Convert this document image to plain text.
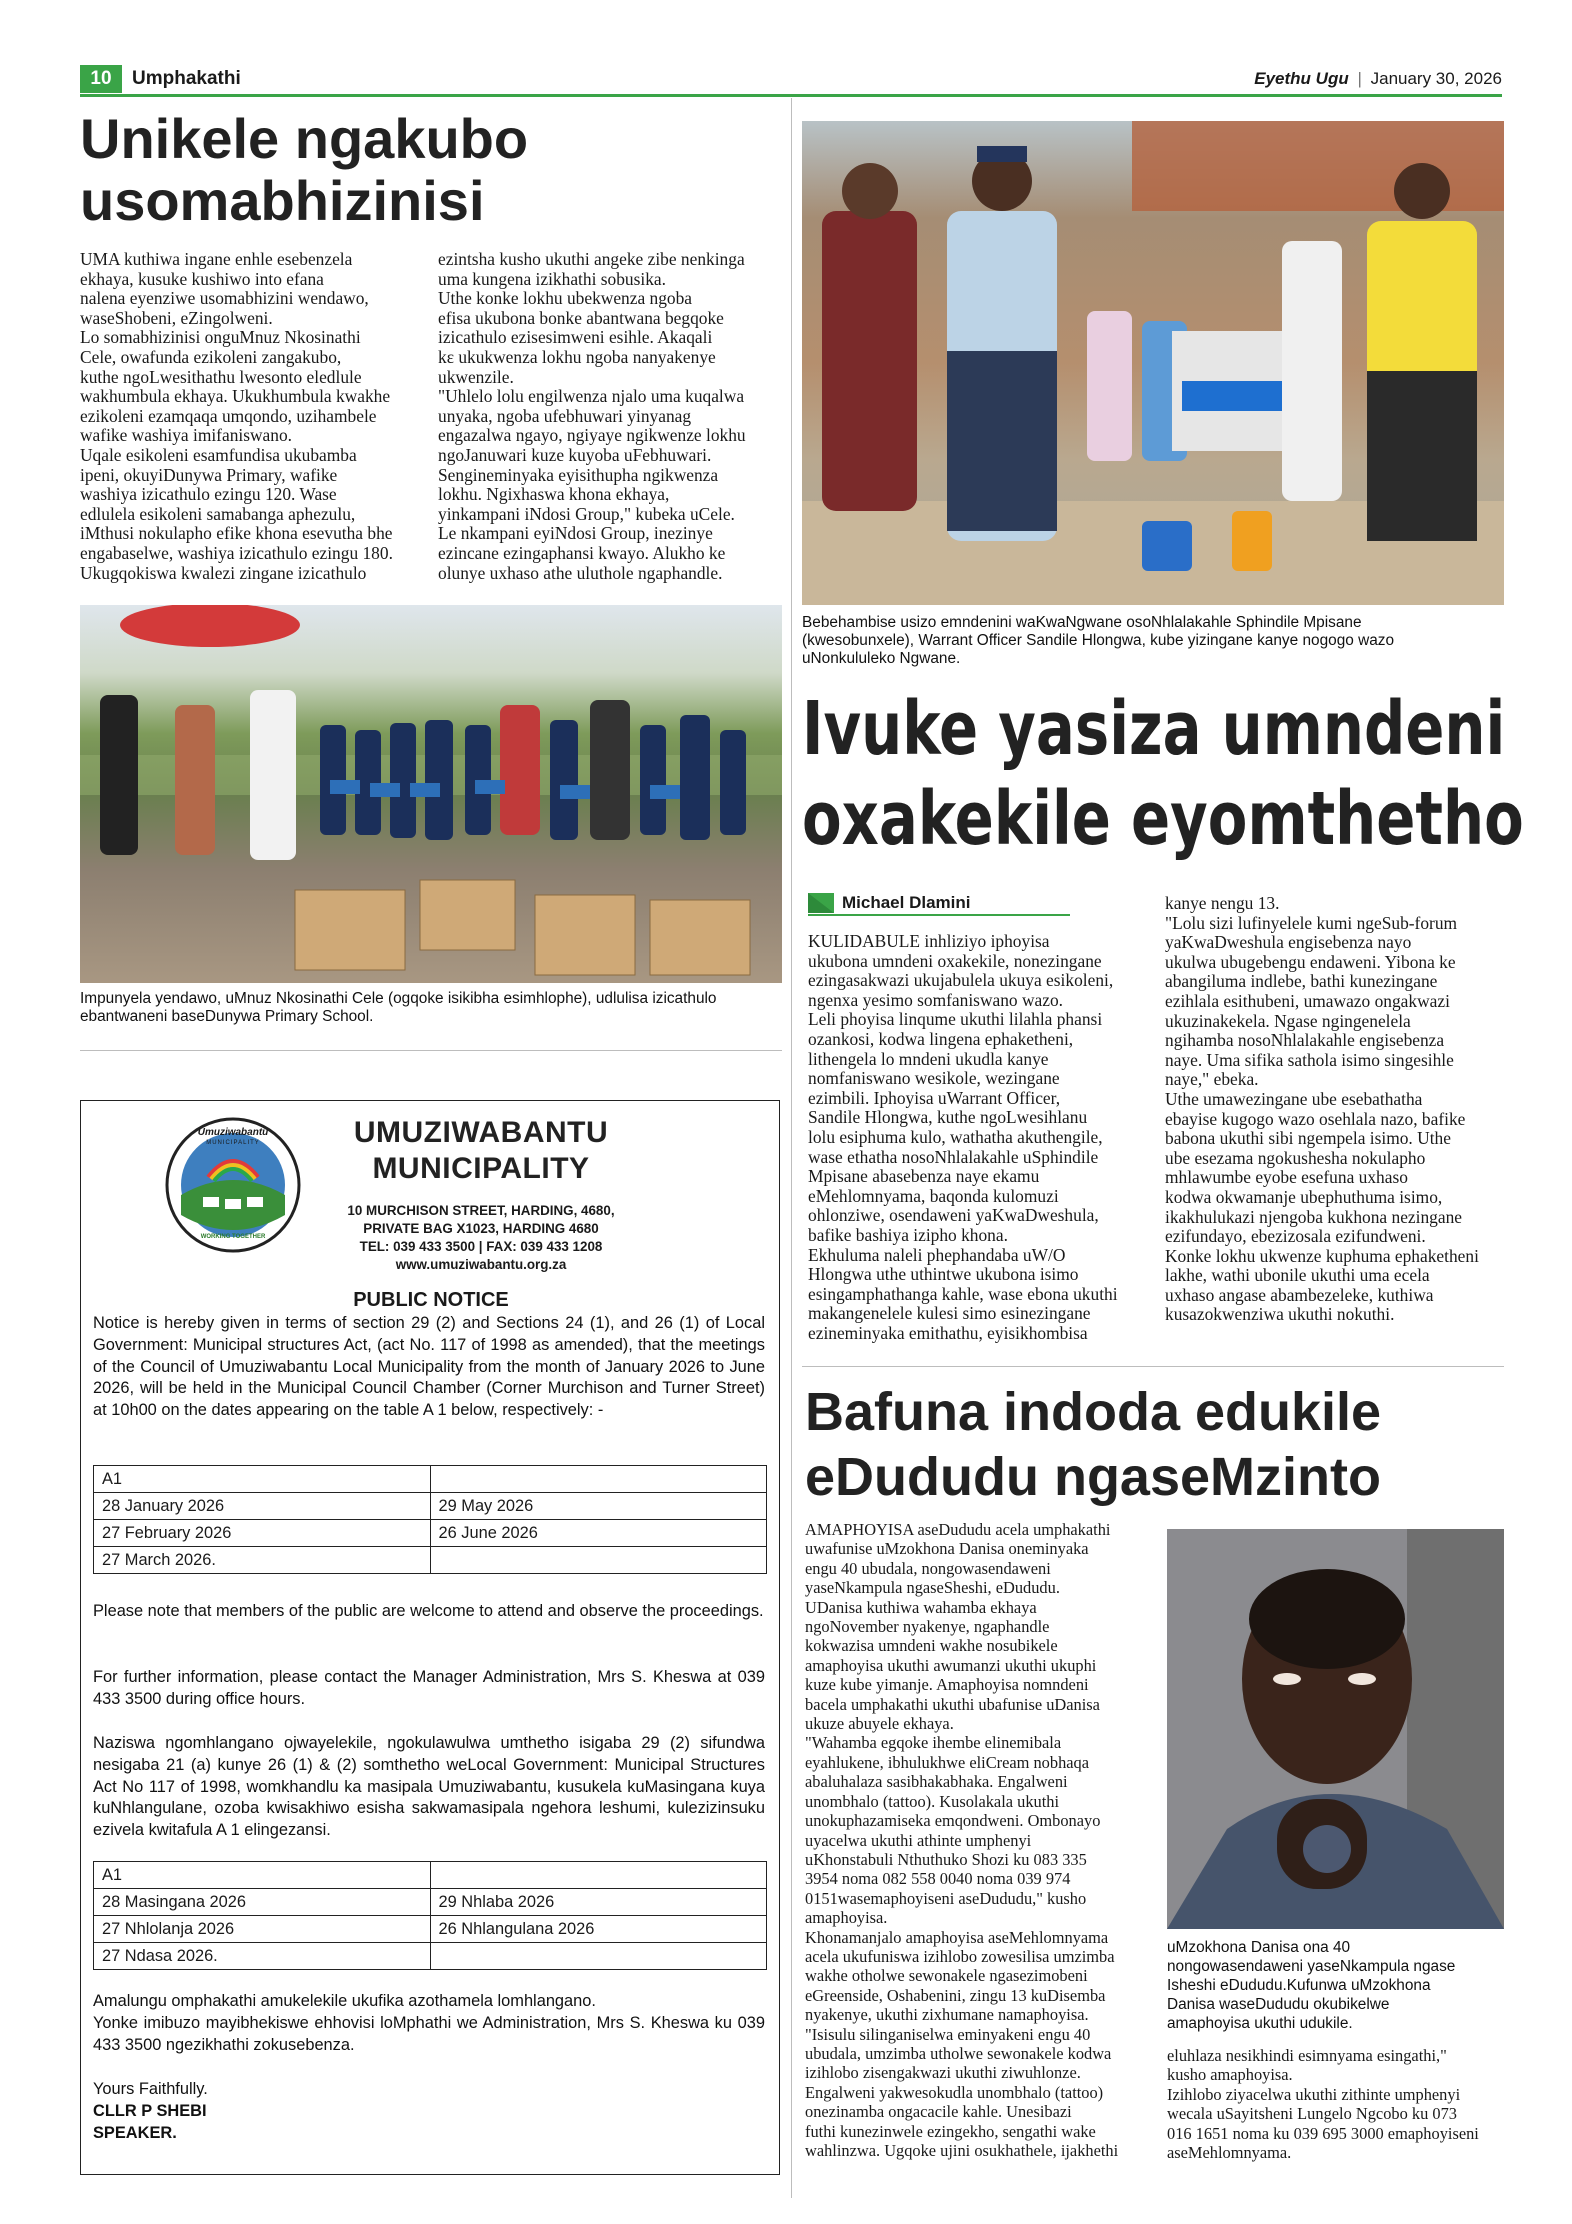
10	Umphakathi	Eyethu Ugu | January 30, 2026
Unikele ngakubo
usomabhizinisi

UMA kuthiwa ingane enhle esebenzela

ekhaya, kusuke kushiwo into efana

nalena eyenziwe usomabhizini wendawo,

waseShobeni, eZingolweni.

Lo somabhizinisi onguMnuz Nkosinathi

Cele, owafunda ezikoleni zangakubo,

kuthe ngoLwesithathu lwesonto eledlule

wakhumbula ekhaya. Ukukhumbula kwakhe

ezikoleni ezamqaqa umqondo, uzihambele

wafike washiya imifaniswano.

Uqale esikoleni esamfundisa ukubamba

ipeni, okuyiDunywa Primary, wafike

washiya izicathulo ezingu 120. Wase

edlulela esikoleni samabanga aphezulu,

iMthusi nokulapho efike khona esevutha bhe

engabaselwe, washiya izicathulo ezingu 180.

Ukugqokiswa kwalezi zingane izicathulo

ezintsha kusho ukuthi angeke zibe nenkinga

uma kungena izikhathi sobusika.

Uthe konke lokhu ubekwenza ngoba

efisa ukubona bonke abantwana begqoke

izicathulo ezisesimweni esihle. Akaqali

kε ukukwenza lokhu ngoba nanyakenye

ukwenzile.

"Uhlelo lolu engilwenza njalo uma kuqalwa

unyaka, ngoba ufebhuwari yinyanag

engazalwa ngayo, ngiyaye ngikwenze lokhu

ngoJanuwari kuze kuyoba uFebhuwari.

Sengineminyaka eyisithupha ngikwenza

lokhu. Ngixhaswa khona ekhaya,

yinkampani iNdosi Group," kubeka uCele.

Le nkampani eyiNdosi Group, inezinye

ezincane ezingaphansi kwayo. Alukho ke

olunye uxhaso athe uluthole ngaphandle.

Impunyela yendawo, uMnuz Nkosinathi Cele (ogqoke isikibha esimhlophe), udlulisa izicathulo
ebantwaneni baseDunywa Primary School.
Umuziwabantu
MUNICIPALITY
WORKING TOGETHER
UMUZIWABANTU
MUNICIPALITY
10 MURCHISON STREET, HARDING, 4680,
PRIVATE BAG X1023, HARDING 4680
TEL: 039 433 3500 | FAX: 039 433 1208
www.umuziwabantu.org.za
PUBLIC NOTICE

Notice is hereby given in terms of section 29 (2) and Sections 24 (1), and 26 (1) of Local Government: Municipal structures Act, (act No. 117 of 1998 as amended), that the meetings of the Council of Umuziwabantu Local Municipality from the month of January 2026 to June 2026, will be held in the Municipal Council Chamber (Corner Murchison and Turner Street) at 10h00 on the dates appearing on the table A 1 below, respectively: -

A1	
28 January 2026	29 May 2026
27 February 2026	26 June 2026
27 March 2026.	

Please note that members of the public are welcome to attend and observe the proceedings.

For further information, please contact the Manager Administration, Mrs S. Kheswa at 039 433 3500 during office hours.

Naziswa ngomhlangano ojwayelekile, ngokulawulwa umthetho isigaba 29 (2) sifundwa nesigaba 21 (a) kunye 26 (1) & (2) somthetho weLocal Government: Municipal Structures Act No 117 of 1998, womkhandlu ka masipala Umuziwabantu, kusukela kuMasingana kuya kuNhlangulane, ozoba kwisakhiwo esisha sakwamasipala ngehora leshumi, kulezizinsuku ezivela kwitafula A 1 elingezansi.

A1	
28 Masingana 2026	29 Nhlaba 2026
27 Nhlolanja 2026	26 Nhlangulana 2026
27 Ndasa 2026.	

Amalungu omphakathi amukelekile ukufika azothamela lomhlangano.

Yonke imibuzo mayibhekiswe ehhovisi loMphathi we Administration, Mrs S. Kheswa ku 039 433 3500 ngezikhathi zokusebenza.

Yours Faithfully.

CLLR P SHEBI

SPEAKER.

Bebehambise usizo emndenini waKwaNgwane osoNhlalakahle Sphindile Mpisane
(kwesobunxele), Warrant Officer Sandile Hlongwa, kube yizingane kanye nogogo wazo
uNonkululeko Ngwane.
Ivuke yasiza umndeni
oxakekile eyomthetho
Michael Dlamini

KULIDABULE inhliziyo iphoyisa

ukubona umndeni oxakekile, nonezingane

ezingasakwazi ukujabulela ukuya esikoleni,

ngenxa yesimo somfaniswano wazo.

Leli phoyisa linqume ukuthi lilahla phansi

ozankosi, kodwa lingena ephaketheni,

lithengela lo mndeni ukudla kanye

nomfaniswano wesikole, wezingane

ezimbili. Iphoyisa uWarrant Officer,

Sandile Hlongwa, kuthe ngoLwesihlanu

lolu esiphuma kulo, wathatha akuthengile,

wase ethatha nosoNhlalakahle uSphindile

Mpisane abasebenza naye ekamu

eMehlomnyama, baqonda kulomuzi

ohlonziwe, osendaweni yaKwaDweshula,

bafike bashiya izipho khona.

Ekhuluma naleli phephandaba uW/O

Hlongwa uthe uthintwe ukubona isimo

esingamphathanga kahle, wase ebona ukuthi

makangenelele kulesi simo esinezingane

ezineminyaka emithathu, eyisikhombisa

kanye nengu 13.

"Lolu sizi lufinyelele kumi ngeSub-forum

yaKwaDweshula engisebenza nayo

ukulwa ubugebengu endaweni. Yibona ke

abangiluma indlebe, bathi kunezingane

ezihlala esithubeni, umawazo ongakwazi

ukuzinakekela. Ngase ngingenelela

ngihamba nosoNhlalakahle engisebenza

naye. Uma sifika sathola isimo singesihle

naye," ebeka.

Uthe umawezingane ube esebathatha

ebayise kugogo wazo osehlala nazo, bafike

babona ukuthi sibi ngempela isimo. Uthe

ube esezama ngokushesha nokulapho

mhlawumbe eyobe esefuna uxhaso

kodwa okwamanje ubephuthuma isimo,

ikakhulukazi njengoba kukhona nezingane

ezifundayo, ebezizosala ezifundweni.

Konke lokhu ukwenze kuphuma ephaketheni

lakhe, wathi ubonile ukuthi uma ecela

uxhaso angase abambezeleke, kuthiwa

kusazokwenziwa ukuthi nokuthi.

Bafuna indoda edukile
eDududu ngaseMzinto

AMAPHOYISA aseDududu acela umphakathi

uwafunise uMzokhona Danisa oneminyaka

engu 40 ubudala, nongowasendaweni

yaseNkampula ngaseSheshi, eDududu.

UDanisa kuthiwa wahamba ekhaya

ngoNovember nyakenye, ngaphandle

kokwazisa umndeni wakhe nosubikele

amaphoyisa ukuthi awumanzi ukuthi ukuphi

kuze kube yimanje. Amaphoyisa nomndeni

bacela umphakathi ukuthi ubafunise uDanisa

ukuze abuyele ekhaya.

"Wahamba egqoke ihembe elinemibala

eyahlukene, ibhulukhwe eliCream nobhaqa

abaluhalaza sasibhakabhaka. Engalweni

unombhalo (tattoo). Kusolakala ukuthi

unokuphazamiseka emqondweni. Ombonayo

uyacelwa ukuthi athinte umphenyi

uKhonstabuli Nthuthuko Shozi ku 083 335

3954 noma 082 558 0040 noma 039 974

0151wasemaphoyiseni aseDududu," kusho

amaphoyisa.

Khonamanjalo amaphoyisa aseMehlomnyama

acela ukufuniswa izihlobo zowesilisa umzimba

wakhe otholwe sewonakele ngasezimobeni

eGreenside, Oshabenini, zingu 13 kuDisemba

nyakenye, ukuthi zixhumane namaphoyisa.

"Isisulu silinganiselwa eminyakeni engu 40

ubudala, umzimba utholwe sewonakele kodwa

izihlobo zisengakwazi ukuthi ziwuhlonze.

Engalweni yakwesokudla unombhalo (tattoo)

onezinamba ongacacile kahle. Unesibazi

futhi kunezinwele ezingekho, sengathi wake

wahlinzwa. Ugqoke ujini osukhathele, ijakhethi

uMzokhona Danisa ona 40
nongowasendaweni yaseNkampula ngase
Isheshi eDududu.Kufunwa uMzokhona
Danisa waseDududu okubikelwe
amaphoyisa ukuthi udukile.

eluhlaza nesikhindi esimnyama esingathi,"

kusho amaphoyisa.

Izihlobo ziyacelwa ukuthi zithinte umphenyi

wecala uSayitsheni Lungelo Ngcobo ku 073

016 1651 noma ku 039 695 3000 emaphoyiseni

aseMehlomnyama.
